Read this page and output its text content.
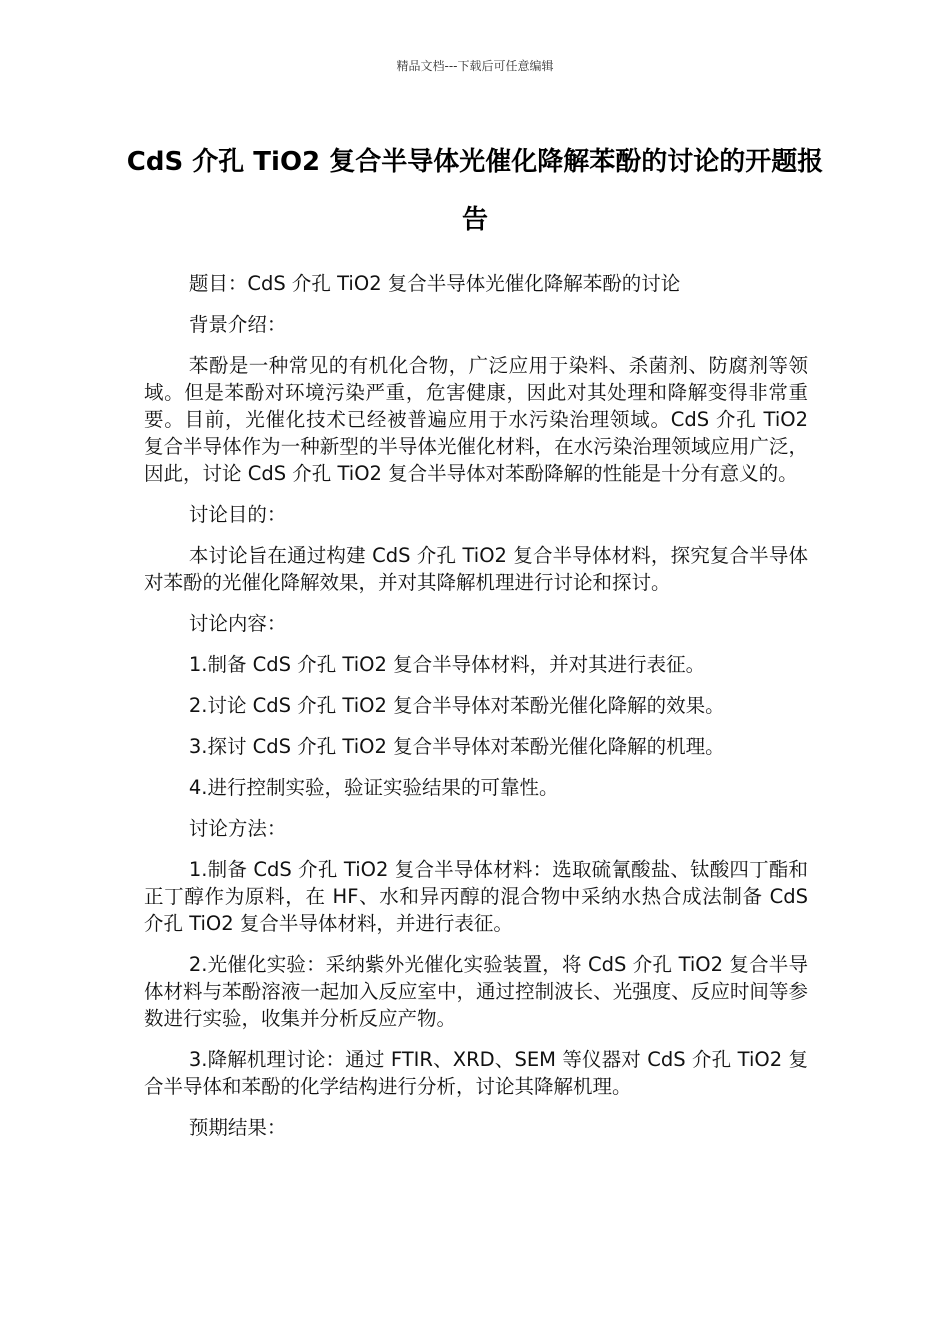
精品文档---下载后可任意编辑
CdS 介孔 TiO2 复合半导体光催化降解苯酚的讨论的开题报告

题目：CdS 介孔 TiO2 复合半导体光催化降解苯酚的讨论

背景介绍：

苯酚是一种常见的有机化合物，广泛应用于染料、杀菌剂、防腐剂等领域。但是苯酚对环境污染严重，危害健康，因此对其处理和降解变得非常重要。目前，光催化技术已经被普遍应用于水污染治理领域。CdS 介孔 TiO2 复合半导体作为一种新型的半导体光催化材料，在水污染治理领域应用广泛，因此，讨论 CdS 介孔 TiO2 复合半导体对苯酚降解的性能是十分有意义的。

讨论目的：

本讨论旨在通过构建 CdS 介孔 TiO2 复合半导体材料，探究复合半导体对苯酚的光催化降解效果，并对其降解机理进行讨论和探讨。

讨论内容：

1.制备 CdS 介孔 TiO2 复合半导体材料，并对其进行表征。

2.讨论 CdS 介孔 TiO2 复合半导体对苯酚光催化降解的效果。

3.探讨 CdS 介孔 TiO2 复合半导体对苯酚光催化降解的机理。

4.进行控制实验，验证实验结果的可靠性。

讨论方法：

1.制备 CdS 介孔 TiO2 复合半导体材料：选取硫氰酸盐、钛酸四丁酯和正丁醇作为原料，在 HF、水和异丙醇的混合物中采纳水热合成法制备 CdS 介孔 TiO2 复合半导体材料，并进行表征。

2.光催化实验：采纳紫外光催化实验装置，将 CdS 介孔 TiO2 复合半导体材料与苯酚溶液一起加入反应室中，通过控制波长、光强度、反应时间等参数进行实验，收集并分析反应产物。

3.降解机理讨论：通过 FTIR、XRD、SEM 等仪器对 CdS 介孔 TiO2 复合半导体和苯酚的化学结构进行分析，讨论其降解机理。

预期结果：
